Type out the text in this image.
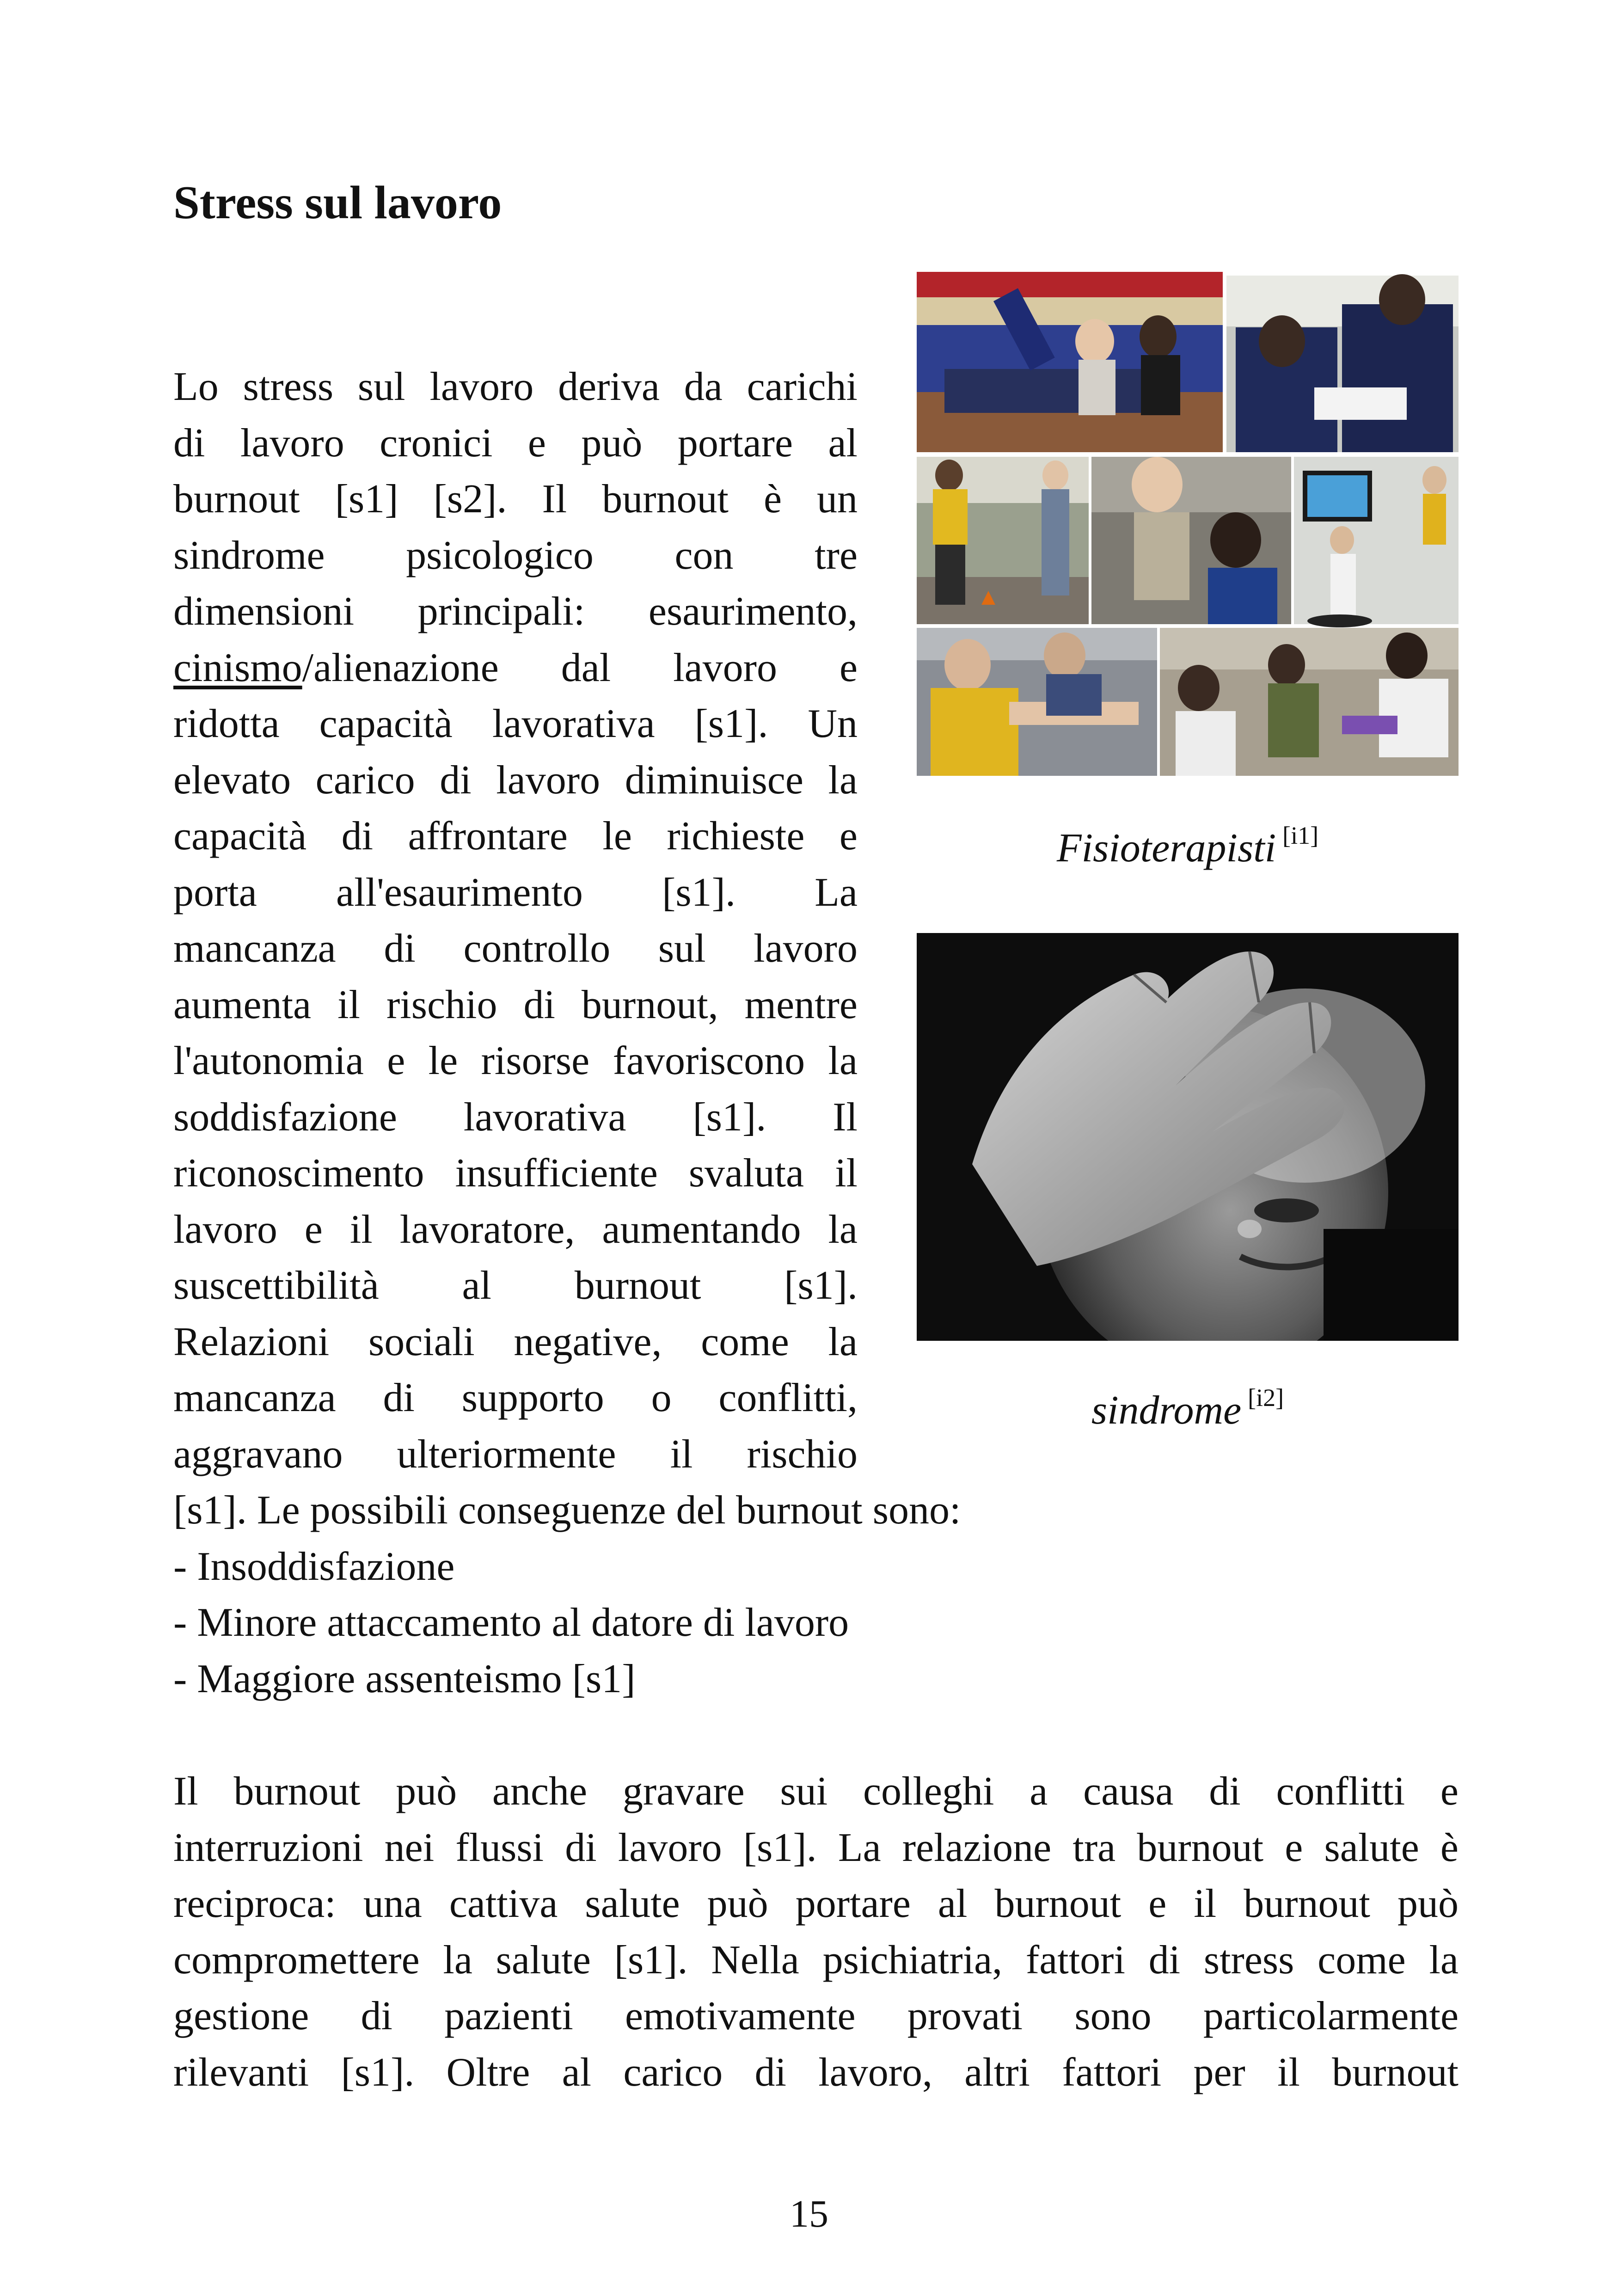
Stress sul lavoro
Lo stress sul lavoro deriva da carichi
di lavoro cronici e può portare al
burnout [s1] [s2]. Il burnout è un
sindrome psicologico con tre
dimensioni principali: esaurimento,
cinismo/alienazione dal lavoro e
ridotta capacità lavorativa [s1]. Un
elevato carico di lavoro diminuisce la
capacità di affrontare le richieste e
porta all'esaurimento [s1]. La
mancanza di controllo sul lavoro
aumenta il rischio di burnout, mentre
l'autonomia e le risorse favoriscono la
soddisfazione lavorativa [s1]. Il
riconoscimento insufficiente svaluta il
lavoro e il lavoratore, aumentando la
suscettibilità al burnout [s1].
Relazioni sociali negative, come la
mancanza di supporto o conflitti,
aggravano ulteriormente il rischio
[s1]. Le possibili conseguenze del burnout sono:
- Insoddisfazione
- Minore attaccamento al datore di lavoro
- Maggiore assenteismo [s1]
Il burnout può anche gravare sui colleghi a causa di conflitti e
interruzioni nei flussi di lavoro [s1]. La relazione tra burnout e salute è
reciproca: una cattiva salute può portare al burnout e il burnout può
compromettere la salute [s1]. Nella psichiatria, fattori di stress come la
gestione di pazienti emotivamente provati sono particolarmente
rilevanti [s1]. Oltre al carico di lavoro, altri fattori per il burnout
Fisioterapisti [i1]
sindrome [i2]
15
